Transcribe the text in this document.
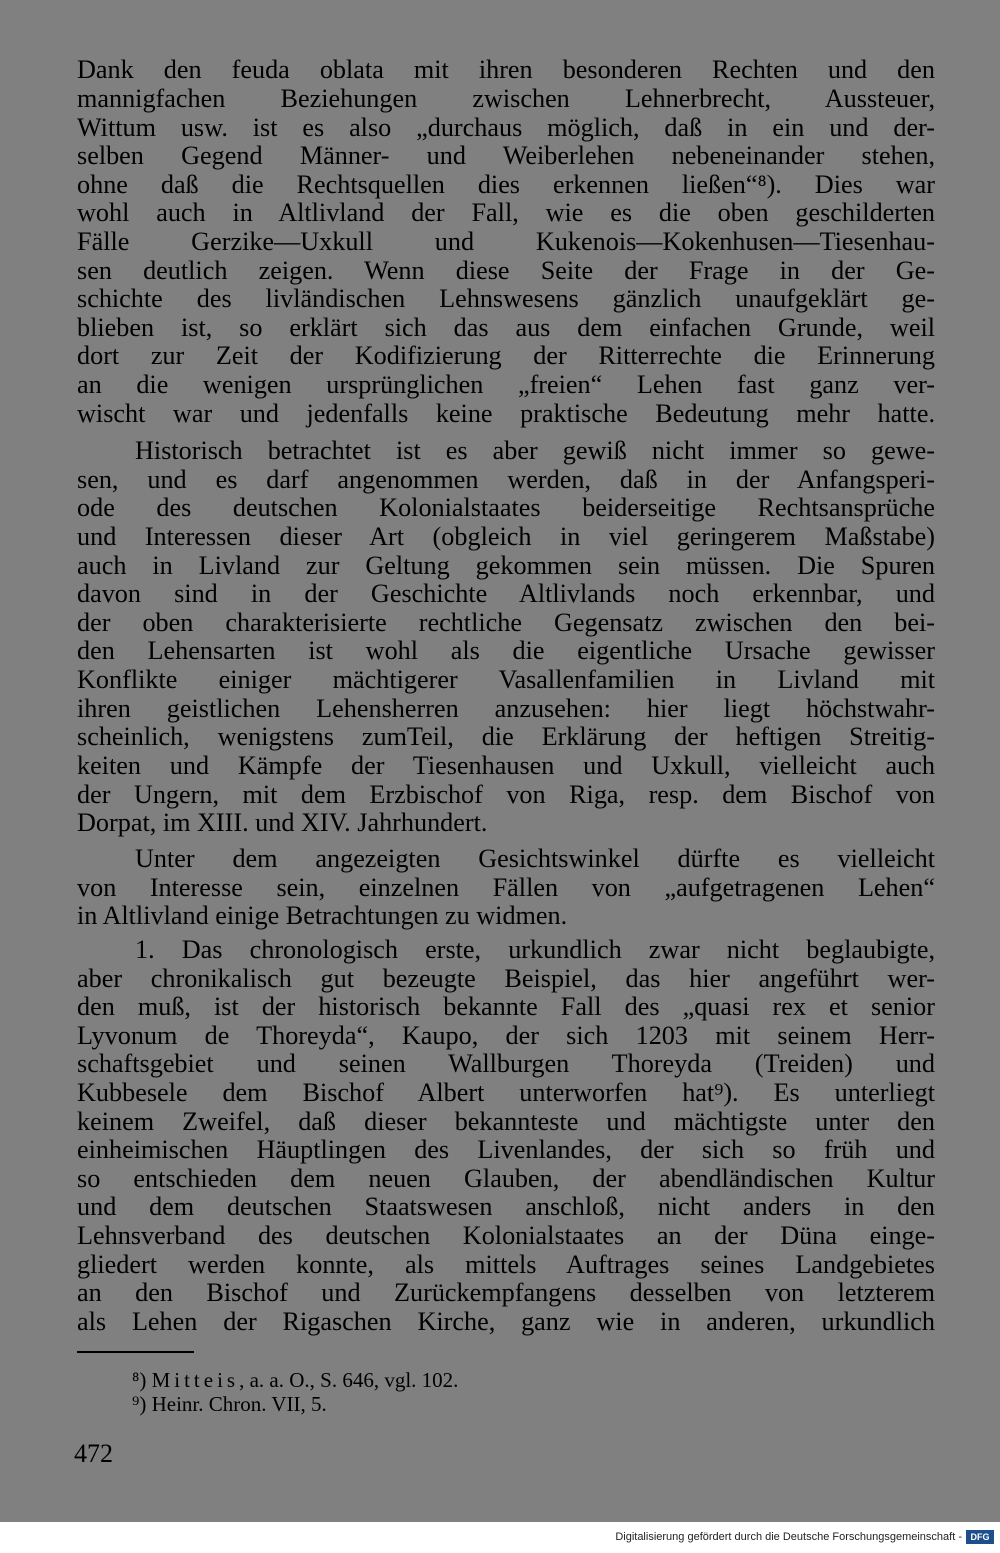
Dank den feuda oblata mit ihren besonderen Rechten und den
mannigfachen Beziehungen zwischen Lehnerbrecht, Aussteuer,
Wittum usw. ist es also „durchaus möglich, daß in ein und der-
selben Gegend Männer- und Weiberlehen nebeneinander stehen,
ohne daß die Rechtsquellen dies erkennen ließen“⁸). Dies war
wohl auch in Altlivland der Fall, wie es die oben geschilderten
Fälle Gerzike—Uxkull und Kukenois—Kokenhusen—Tiesenhau-
sen deutlich zeigen. Wenn diese Seite der Frage in der Ge-
schichte des livländischen Lehnswesens gänzlich unaufgeklärt ge-
blieben ist, so erklärt sich das aus dem einfachen Grunde, weil
dort zur Zeit der Kodifizierung der Ritterrechte die Erinnerung
an die wenigen ursprünglichen „freien“ Lehen fast ganz ver-
wischt war und jedenfalls keine praktische Bedeutung mehr hatte.
Historisch betrachtet ist es aber gewiß nicht immer so gewe-
sen, und es darf angenommen werden, daß in der Anfangsperi-
ode des deutschen Kolonialstaates beiderseitige Rechtsansprüche
und Interessen dieser Art (obgleich in viel geringerem Maßstabe)
auch in Livland zur Geltung gekommen sein müssen. Die Spuren
davon sind in der Geschichte Altlivlands noch erkennbar, und
der oben charakterisierte rechtliche Gegensatz zwischen den bei-
den Lehensarten ist wohl als die eigentliche Ursache gewisser
Konflikte einiger mächtigerer Vasallenfamilien in Livland mit
ihren geistlichen Lehensherren anzusehen: hier liegt höchstwahr-
scheinlich, wenigstens zumTeil, die Erklärung der heftigen Streitig-
keiten und Kämpfe der Tiesenhausen und Uxkull, vielleicht auch
der Ungern, mit dem Erzbischof von Riga, resp. dem Bischof von
Dorpat, im XIII. und XIV. Jahrhundert.
Unter dem angezeigten Gesichtswinkel dürfte es vielleicht
von Interesse sein, einzelnen Fällen von „aufgetragenen Lehen“
in Altlivland einige Betrachtungen zu widmen.
1. Das chronologisch erste, urkundlich zwar nicht beglaubigte,
aber chronikalisch gut bezeugte Beispiel, das hier angeführt wer-
den muß, ist der historisch bekannte Fall des „quasi rex et senior
Lyvonum de Thoreyda“, Kaupo, der sich 1203 mit seinem Herr-
schaftsgebiet und seinen Wallburgen Thoreyda (Treiden) und
Kubbesele dem Bischof Albert unterworfen hat⁹). Es unterliegt
keinem Zweifel, daß dieser bekannteste und mächtigste unter den
einheimischen Häuptlingen des Livenlandes, der sich so früh und
so entschieden dem neuen Glauben, der abendländischen Kultur
und dem deutschen Staatswesen anschloß, nicht anders in den
Lehnsverband des deutschen Kolonialstaates an der Düna einge-
gliedert werden konnte, als mittels Auftrages seines Landgebietes
an den Bischof und Zurückempfangens desselben von letzterem
als Lehen der Rigaschen Kirche, ganz wie in anderen, urkundlich
⁸) Mitteis, a. a. O., S. 646, vgl. 102.
⁹) Heinr. Chron. VII, 5.
472
Digitalisierung gefördert durch die Deutsche Forschungsgemeinschaft - DFG
